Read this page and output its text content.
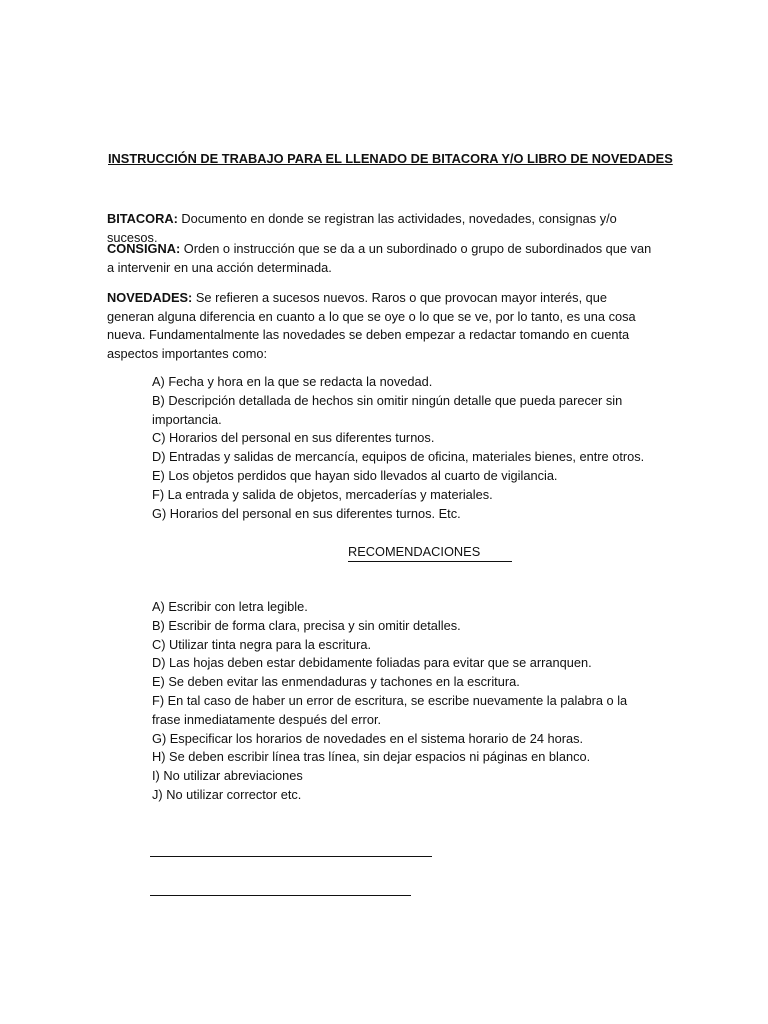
INSTRUCCIÓN DE TRABAJO PARA EL LLENADO DE BITACORA Y/O LIBRO DE NOVEDADES
BITACORA: Documento en donde se registran las actividades, novedades, consignas y/o sucesos.
CONSIGNA: Orden o instrucción que se da a un subordinado o grupo de subordinados que van a intervenir en una acción determinada.
NOVEDADES: Se refieren a sucesos nuevos. Raros o que provocan mayor interés, que generan alguna diferencia en cuanto a lo que se oye o lo que se ve, por lo tanto, es una cosa nueva. Fundamentalmente las novedades se deben empezar a redactar tomando en cuenta aspectos importantes como:
A) Fecha y hora en la que se redacta la novedad.
B) Descripción detallada de hechos sin omitir ningún detalle que pueda parecer sin importancia.
C) Horarios del personal en sus diferentes turnos.
D) Entradas y salidas de mercancía, equipos de oficina, materiales bienes, entre otros.
E) Los objetos perdidos que hayan sido llevados al cuarto de vigilancia.
F) La entrada y salida de objetos, mercaderías y materiales.
G) Horarios del personal en sus diferentes turnos. Etc.
RECOMENDACIONES
A) Escribir con letra legible.
B) Escribir de forma clara, precisa y sin omitir detalles.
C) Utilizar tinta negra para la escritura.
D) Las hojas deben estar debidamente foliadas para evitar que se arranquen.
E) Se deben evitar las enmendaduras y tachones en la escritura.
F) En tal caso de haber un error de escritura, se escribe nuevamente la palabra o la frase inmediatamente después del error.
G) Especificar los horarios de novedades en el sistema horario de 24 horas.
H) Se deben escribir línea tras línea, sin dejar espacios ni páginas en blanco.
I) No utilizar abreviaciones
J) No utilizar corrector etc.
